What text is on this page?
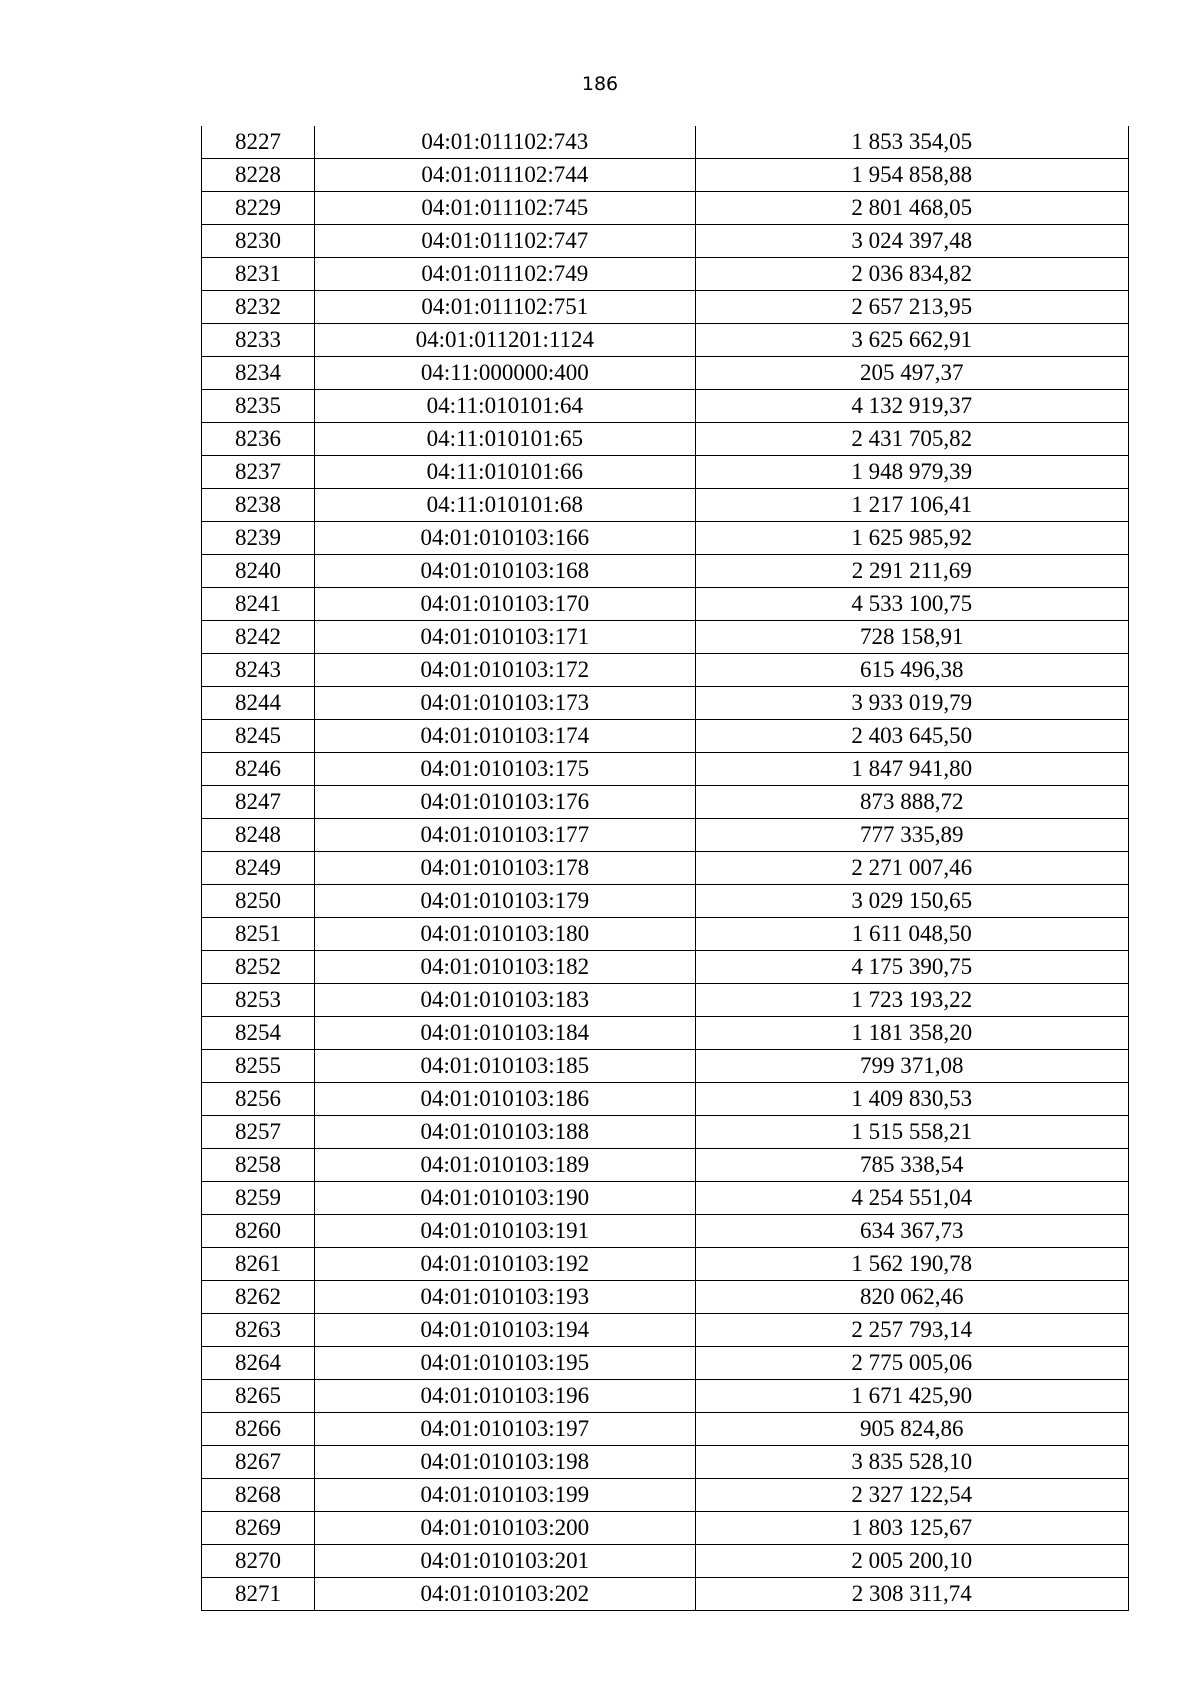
186
8227	04:01:011102:743	1 853 354,05
8228	04:01:011102:744	1 954 858,88
8229	04:01:011102:745	2 801 468,05
8230	04:01:011102:747	3 024 397,48
8231	04:01:011102:749	2 036 834,82
8232	04:01:011102:751	2 657 213,95
8233	04:01:011201:1124	3 625 662,91
8234	04:11:000000:400	205 497,37
8235	04:11:010101:64	4 132 919,37
8236	04:11:010101:65	2 431 705,82
8237	04:11:010101:66	1 948 979,39
8238	04:11:010101:68	1 217 106,41
8239	04:01:010103:166	1 625 985,92
8240	04:01:010103:168	2 291 211,69
8241	04:01:010103:170	4 533 100,75
8242	04:01:010103:171	728 158,91
8243	04:01:010103:172	615 496,38
8244	04:01:010103:173	3 933 019,79
8245	04:01:010103:174	2 403 645,50
8246	04:01:010103:175	1 847 941,80
8247	04:01:010103:176	873 888,72
8248	04:01:010103:177	777 335,89
8249	04:01:010103:178	2 271 007,46
8250	04:01:010103:179	3 029 150,65
8251	04:01:010103:180	1 611 048,50
8252	04:01:010103:182	4 175 390,75
8253	04:01:010103:183	1 723 193,22
8254	04:01:010103:184	1 181 358,20
8255	04:01:010103:185	799 371,08
8256	04:01:010103:186	1 409 830,53
8257	04:01:010103:188	1 515 558,21
8258	04:01:010103:189	785 338,54
8259	04:01:010103:190	4 254 551,04
8260	04:01:010103:191	634 367,73
8261	04:01:010103:192	1 562 190,78
8262	04:01:010103:193	820 062,46
8263	04:01:010103:194	2 257 793,14
8264	04:01:010103:195	2 775 005,06
8265	04:01:010103:196	1 671 425,90
8266	04:01:010103:197	905 824,86
8267	04:01:010103:198	3 835 528,10
8268	04:01:010103:199	2 327 122,54
8269	04:01:010103:200	1 803 125,67
8270	04:01:010103:201	2 005 200,10
8271	04:01:010103:202	2 308 311,74
